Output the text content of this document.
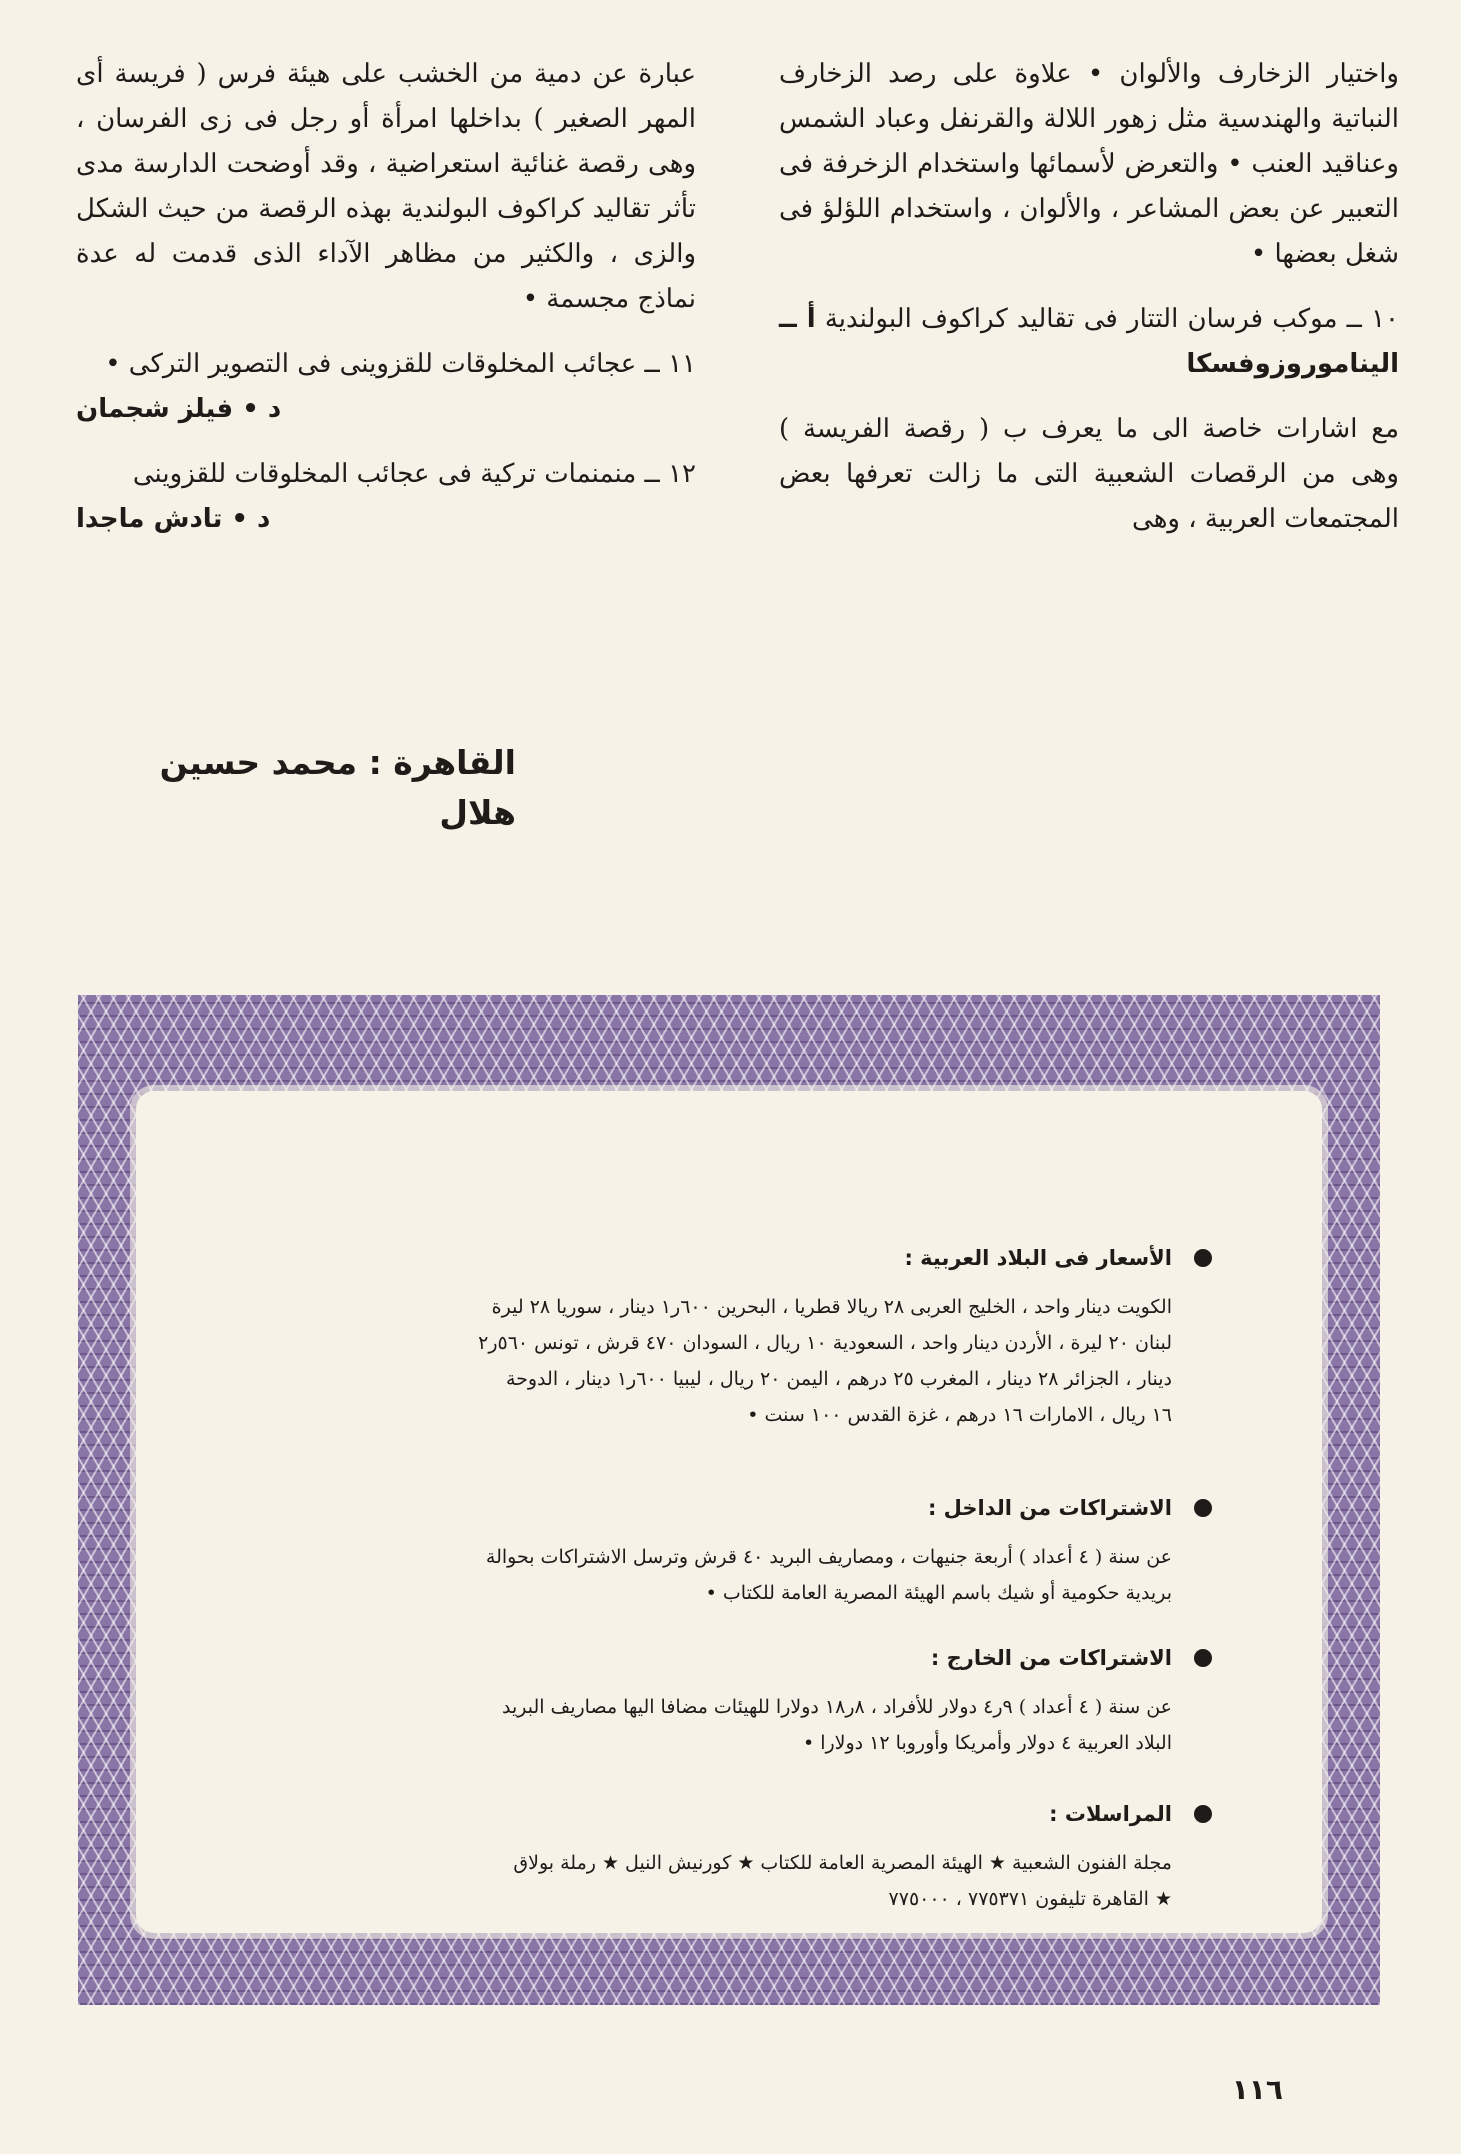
واختيار الزخارف والألوان • علاوة على رصد الزخارف النباتية والهندسية مثل زهور اللالة والقرنفل وعباد الشمس وعناقيد العنب • والتعرض لأسمائها واستخدام الزخرفة فى التعبير عن بعض المشاعر ، والألوان ، واستخدام اللؤلؤ فى شغل بعضها •

١٠ ــ موكب فرسان التتار فى تقاليد كراكوف البولندية أ ــ اليناموروزوفسكا

مع اشارات خاصة الى ما يعرف ب ( رقصة الفريسة ) وهى من الرقصات الشعبية التى ما زالت تعرفها بعض المجتمعات العربية ، وهى

عبارة عن دمية من الخشب على هيئة فرس ( فريسة أى المهر الصغير ) بداخلها امرأة أو رجل فى زى الفرسان ، وهى رقصة غنائية استعراضية ، وقد أوضحت الدارسة مدى تأثر تقاليد كراكوف البولندية بهذه الرقصة من حيث الشكل والزى ، والكثير من مظاهر الآداء الذى قدمت له عدة نماذج مجسمة •

١١ ــ عجائب المخلوقات للقزوينى فى التصوير التركى •
د • فيلز شجمان

١٢ ــ منمنمات تركية فى عجائب المخلوقات للقزوينى
د • تادش ماجدا

القاهرة : محمد حسين هلال
الأسعار فى البلاد العربية :
الكويت دينار واحد ، الخليج العربى ٢٨ ريالا قطريا ، البحرين ٦٠٠ر١ دينار ، سوريا ٢٨ ليرة
لبنان ٢٠ ليرة ، الأردن دينار واحد ، السعودية ١٠ ريال ، السودان ٤٧٠ قرش ، تونس ٥٦٠ر٢
دينار ، الجزائر ٢٨ دينار ، المغرب ٢٥ درهم ، اليمن ٢٠ ريال ، ليبيا ٦٠٠ر١ دينار ، الدوحة
١٦ ريال ، الامارات ١٦ درهم ، غزة القدس ١٠٠ سنت •
الاشتراكات من الداخل :
عن سنة ( ٤ أعداد ) أربعة جنيهات ، ومصاريف البريد ٤٠ قرش وترسل الاشتراكات بحوالة
بريدية حكومية أو شيك باسم الهيئة المصرية العامة للكتاب •
الاشتراكات من الخارج :
عن سنة ( ٤ أعداد ) ٩ر٤ دولار للأفراد ، ٨ر١٨ دولارا للهيئات مضافا اليها مصاريف البريد
البلاد العربية ٤ دولار وأمريكا وأوروبا ١٢ دولارا •
المراسلات :
مجلة الفنون الشعبية ★ الهيئة المصرية العامة للكتاب ★ كورنيش النيل ★ رملة بولاق
★ القاهرة تليفون ٧٧٥٣٧١ ، ٧٧٥٠٠٠
١١٦
